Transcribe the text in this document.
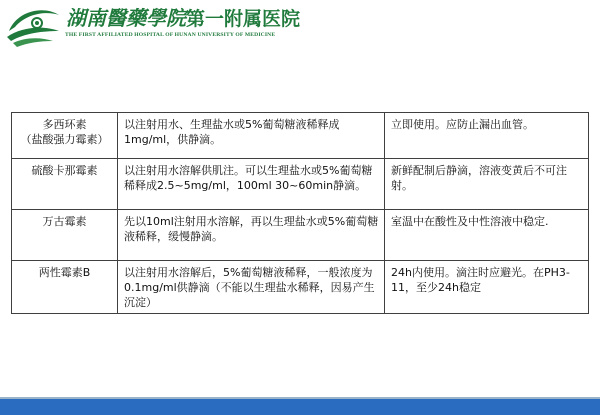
湖南醫藥學院第一附属医院
THE FIRST AFFILIATED HOSPITAL OF HUNAN UNIVERSITY OF MEDICINE
多西环素
（盐酸强力霉素）	以注射用水、生理盐水或5%葡萄糖液稀释成1mg/ml，供静滴。	立即使用。应防止漏出血管。
硫酸卡那霉素	以注射用水溶解供肌注。可以生理盐水或5%葡萄糖稀释成2.5~5mg/ml，100ml 30~60min静滴。	新鲜配制后静滴，溶液变黄后不可注射。
万古霉素	先以10ml注射用水溶解，再以生理盐水或5%葡萄糖液稀释，缓慢静滴。	室温中在酸性及中性溶液中稳定.
两性霉素B	以注射用水溶解后，5%葡萄糖液稀释，一般浓度为0.1mg/ml供静滴（不能以生理盐水稀释，因易产生沉淀）	24h内使用。滴注时应避光。在PH3-11，至少24h稳定
